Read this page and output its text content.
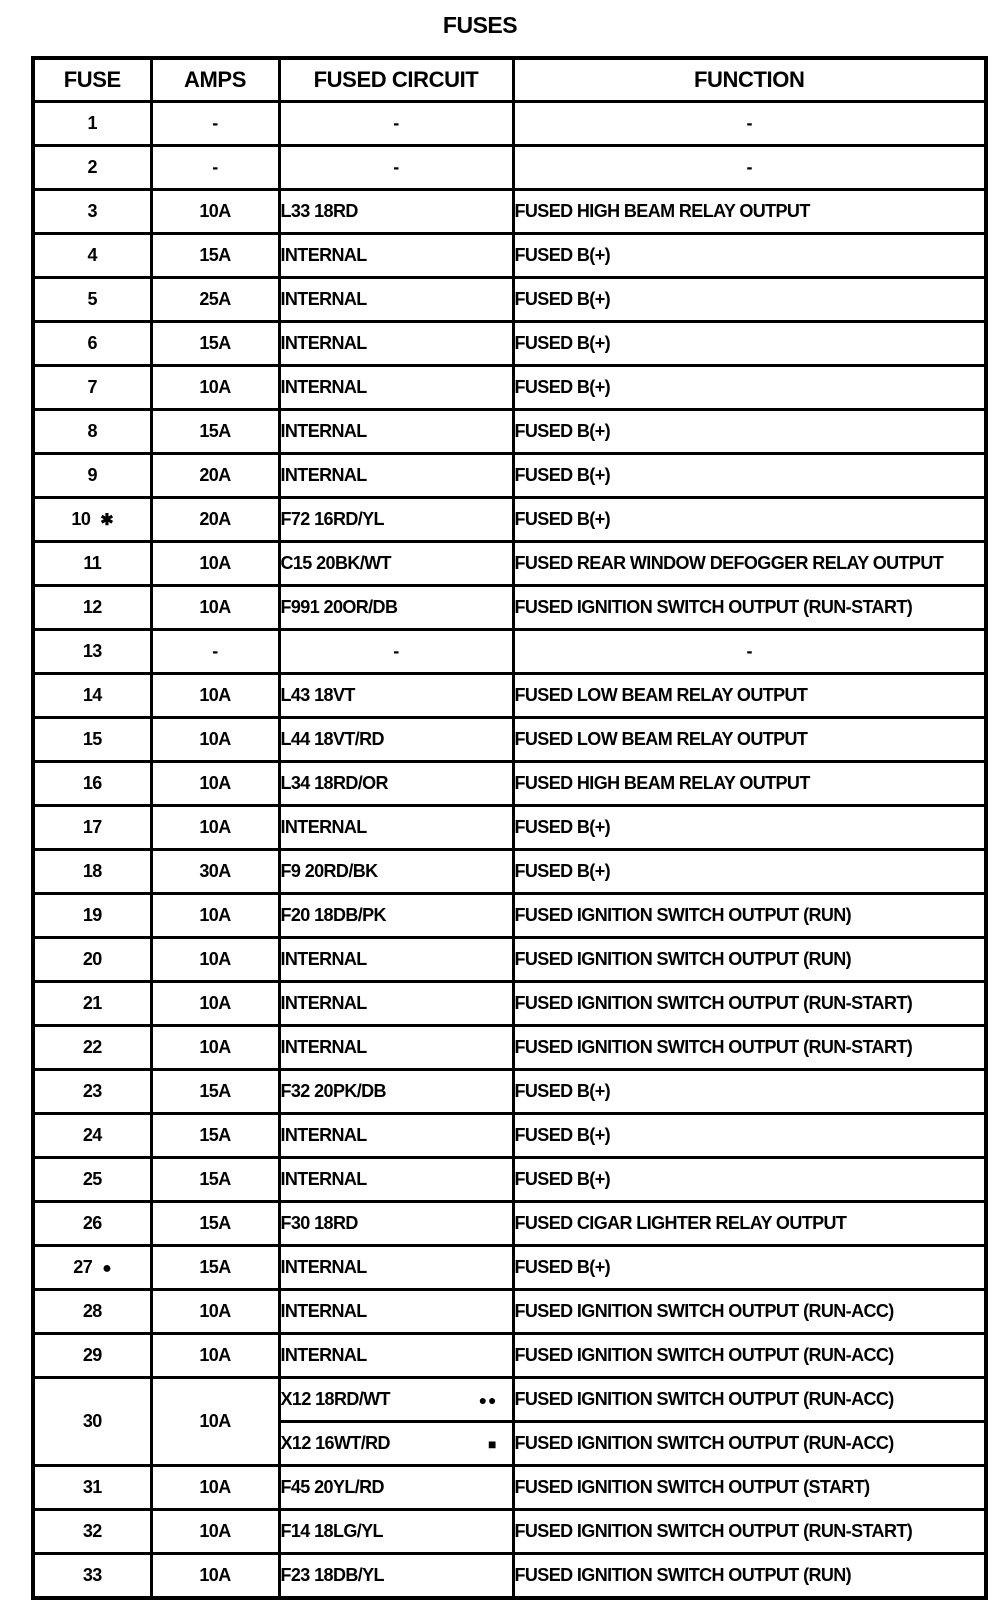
FUSES
FUSE	AMPS	FUSED CIRCUIT	FUNCTION
1	-	-	-
2	-	-	-
3	10A	L33 18RD	FUSED HIGH BEAM RELAY OUTPUT
4	15A	INTERNAL	FUSED B(+)
5	25A	INTERNAL	FUSED B(+)
6	15A	INTERNAL	FUSED B(+)
7	10A	INTERNAL	FUSED B(+)
8	15A	INTERNAL	FUSED B(+)
9	20A	INTERNAL	FUSED B(+)
10 ✱	20A	F72 16RD/YL	FUSED B(+)
11	10A	C15 20BK/WT	FUSED REAR WINDOW DEFOGGER RELAY OUTPUT
12	10A	F991 20OR/DB	FUSED IGNITION SWITCH OUTPUT (RUN-START)
13	-	-	-
14	10A	L43 18VT	FUSED LOW BEAM RELAY OUTPUT
15	10A	L44 18VT/RD	FUSED LOW BEAM RELAY OUTPUT
16	10A	L34 18RD/OR	FUSED HIGH BEAM RELAY OUTPUT
17	10A	INTERNAL	FUSED B(+)
18	30A	F9 20RD/BK	FUSED B(+)
19	10A	F20 18DB/PK	FUSED IGNITION SWITCH OUTPUT (RUN)
20	10A	INTERNAL	FUSED IGNITION SWITCH OUTPUT (RUN)
21	10A	INTERNAL	FUSED IGNITION SWITCH OUTPUT (RUN-START)
22	10A	INTERNAL	FUSED IGNITION SWITCH OUTPUT (RUN-START)
23	15A	F32 20PK/DB	FUSED B(+)
24	15A	INTERNAL	FUSED B(+)
25	15A	INTERNAL	FUSED B(+)
26	15A	F30 18RD	FUSED CIGAR LIGHTER RELAY OUTPUT
27 ●	15A	INTERNAL	FUSED B(+)
28	10A	INTERNAL	FUSED IGNITION SWITCH OUTPUT (RUN-ACC)
29	10A	INTERNAL	FUSED IGNITION SWITCH OUTPUT (RUN-ACC)
30	10A	X12 18RD/WT ●●	FUSED IGNITION SWITCH OUTPUT (RUN-ACC)

		X12 16WT/RD ■	FUSED IGNITION SWITCH OUTPUT (RUN-ACC)
31	10A	F45 20YL/RD	FUSED IGNITION SWITCH OUTPUT (START)
32	10A	F14 18LG/YL	FUSED IGNITION SWITCH OUTPUT (RUN-START)
33	10A	F23 18DB/YL	FUSED IGNITION SWITCH OUTPUT (RUN)
